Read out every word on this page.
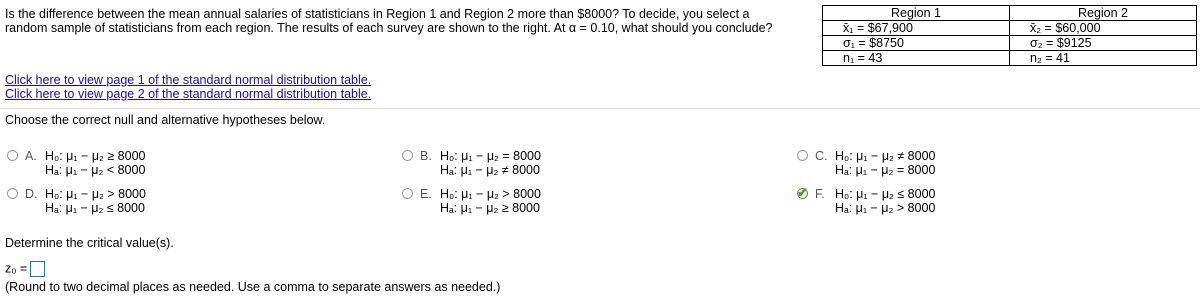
Is the difference between the mean annual salaries of statisticians in Region 1 and Region 2 more than $8000? To decide, you select a random sample of statisticians from each region. The results of each survey are shown to the right. At α = 0.10, what should you conclude?
Region 1	Region 2
x̄₁ = $67,900	x̄₂ = $60,000
σ₁ = $8750	σ₂ = $9125
n₁ = 43	n₂ = 41
Click here to view page 1 of the standard normal distribution table.
Click here to view page 2 of the standard normal distribution table.
Choose the correct null and alternative hypotheses below.
A. H₀: μ₁ − μ₂ ≥ 8000
Hₐ: μ₁ − μ₂ < 8000
B. H₀: μ₁ − μ₂ = 8000
Hₐ: μ₁ − μ₂ ≠ 8000
C. H₀: μ₁ − μ₂ ≠ 8000
Hₐ: μ₁ − μ₂ = 8000
D. H₀: μ₁ − μ₂ > 8000
Hₐ: μ₁ − μ₂ ≤ 8000
E. H₀: μ₁ − μ₂ > 8000
Hₐ: μ₁ − μ₂ ≥ 8000
✔ F. H₀: μ₁ − μ₂ ≤ 8000
Hₐ: μ₁ − μ₂ > 8000
Determine the critical value(s).
z₀ =
(Round to two decimal places as needed. Use a comma to separate answers as needed.)
